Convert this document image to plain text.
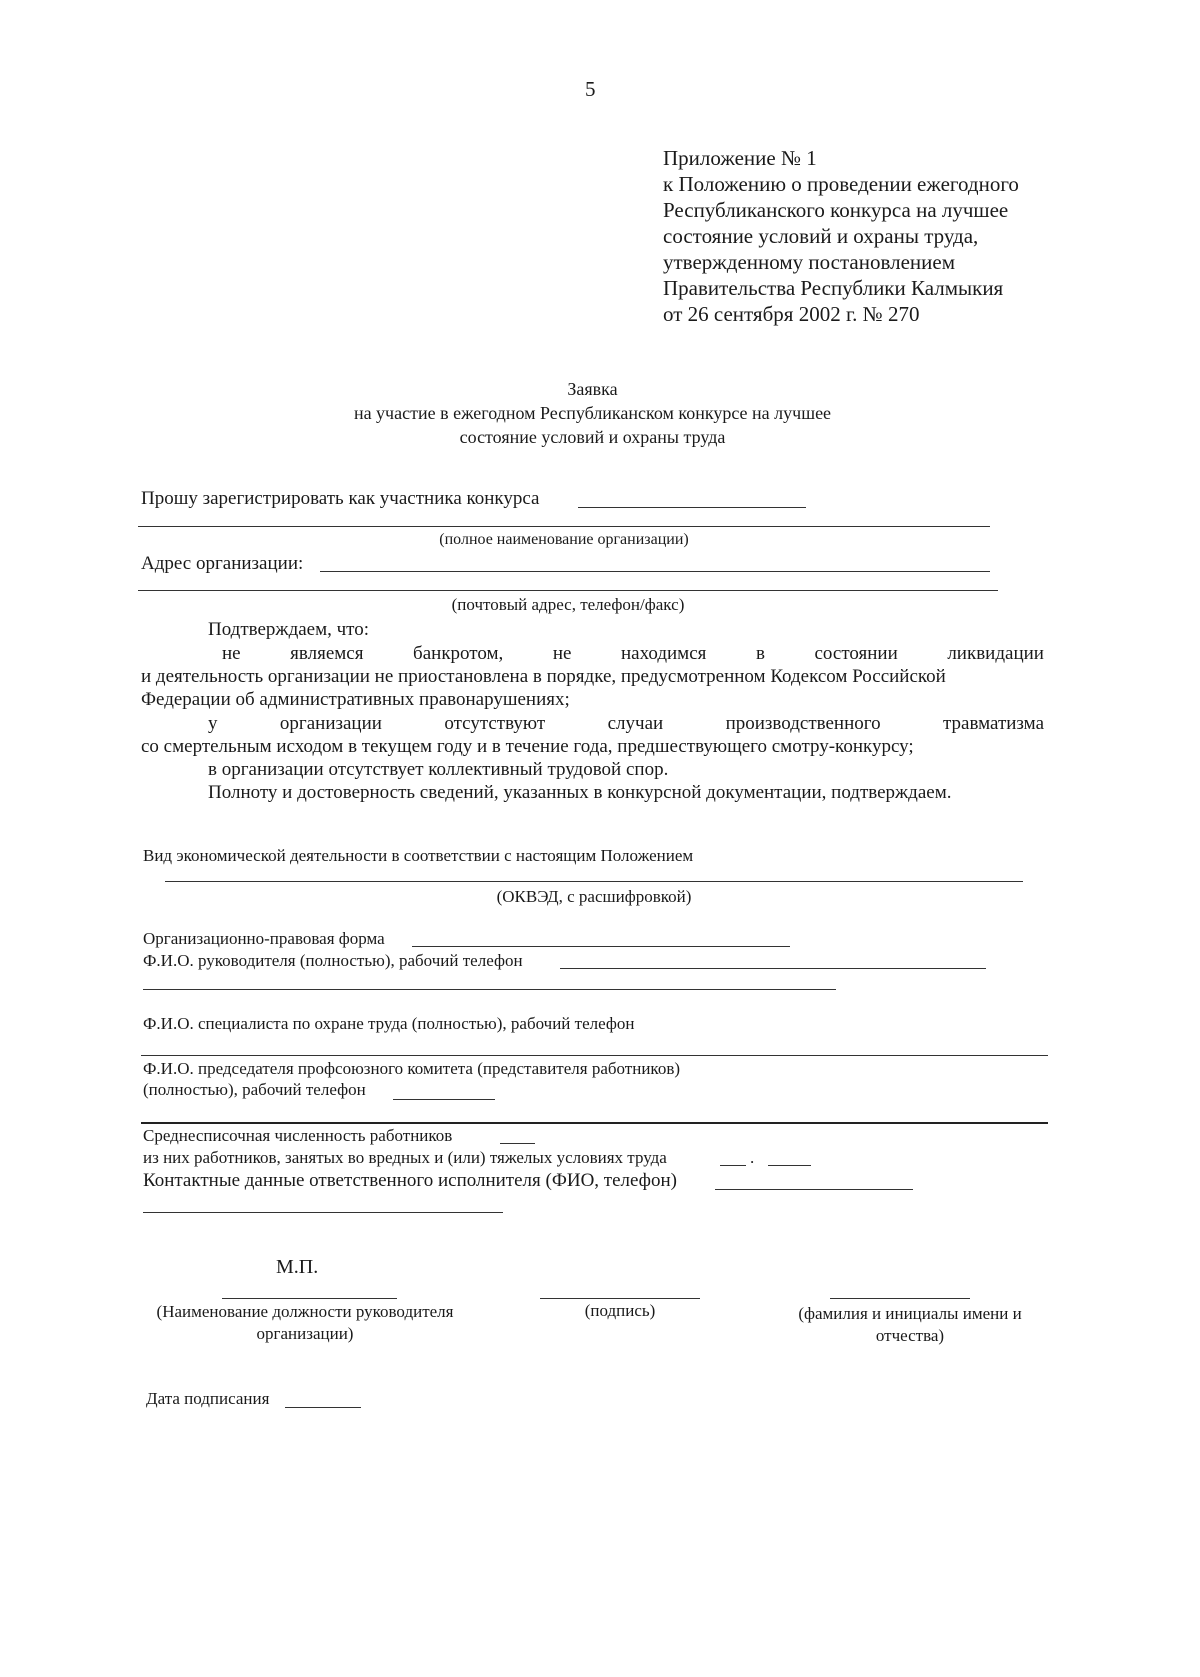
5
Приложение № 1
к Положению о проведении ежегодного
Республиканского конкурса на лучшее
состояние условий и охраны труда,
утвержденному постановлением
Правительства Республики Калмыкия
от 26 сентября 2002 г. № 270
Заявка
на участие в ежегодном Республиканском конкурсе на лучшее
состояние условий и охраны труда
Прошу зарегистрировать как участника конкурса
(полное наименование организации)
Адрес организации:
(почтовый адрес, телефон/факс)
Подтверждаем, что:
не	являемся	банкротом,	не	находимся	в	состоянии	ликвидации
и деятельность организации не приостановлена в порядке, предусмотренном Кодексом Российской
Федерации об административных правонарушениях;
у	организации	отсутствуют	случаи	производственного	травматизма
со смертельным исходом в текущем году и в течение года, предшествующего смотру-конкурсу;
в организации отсутствует коллективный трудовой спор.
Полноту и достоверность сведений, указанных в конкурсной документации, подтверждаем.
Вид экономической деятельности в соответствии с настоящим Положением
(ОКВЭД, с расшифровкой)
Организационно-правовая форма
Ф.И.О. руководителя (полностью), рабочий телефон
Ф.И.О. специалиста по охране труда (полностью), рабочий телефон
Ф.И.О. председателя профсоюзного комитета (представителя работников)
(полностью), рабочий телефон
Среднесписочная численность работников
из них работников, занятых во вредных и (или) тяжелых условиях труда	.
Контактные данные ответственного исполнителя (ФИО, телефон)
М.П.
(Наименование должности руководителя
организации)
(подпись)	(фамилия и инициалы имени и
отчества)
Дата подписания
